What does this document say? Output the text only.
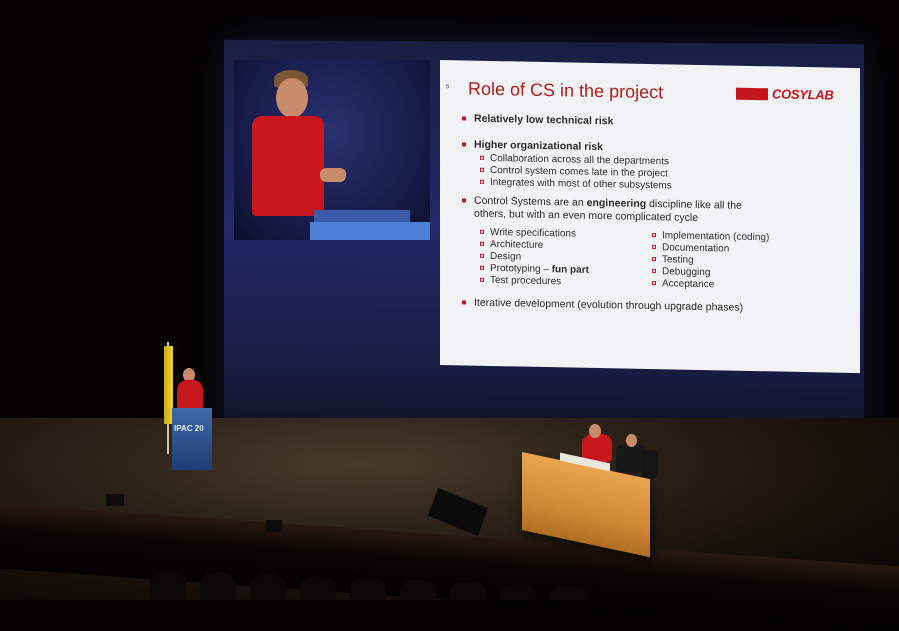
5 Role of CS in the project	COSYLAB
Relatively low technical risk
Higher organizational risk
Collaboration across all the departments
Control system comes late in the project
Integrates with most of other subsystems
Control Systems are an engineering discipline like all the
others, but with an even more complicated cycle
Write specifications
Architecture
Design
Prototyping – fun part
Test procedures
Implementation (coding)
Documentation
Testing
Debugging
Acceptance
Iterative development (evolution through upgrade phases)
IPAC 20
